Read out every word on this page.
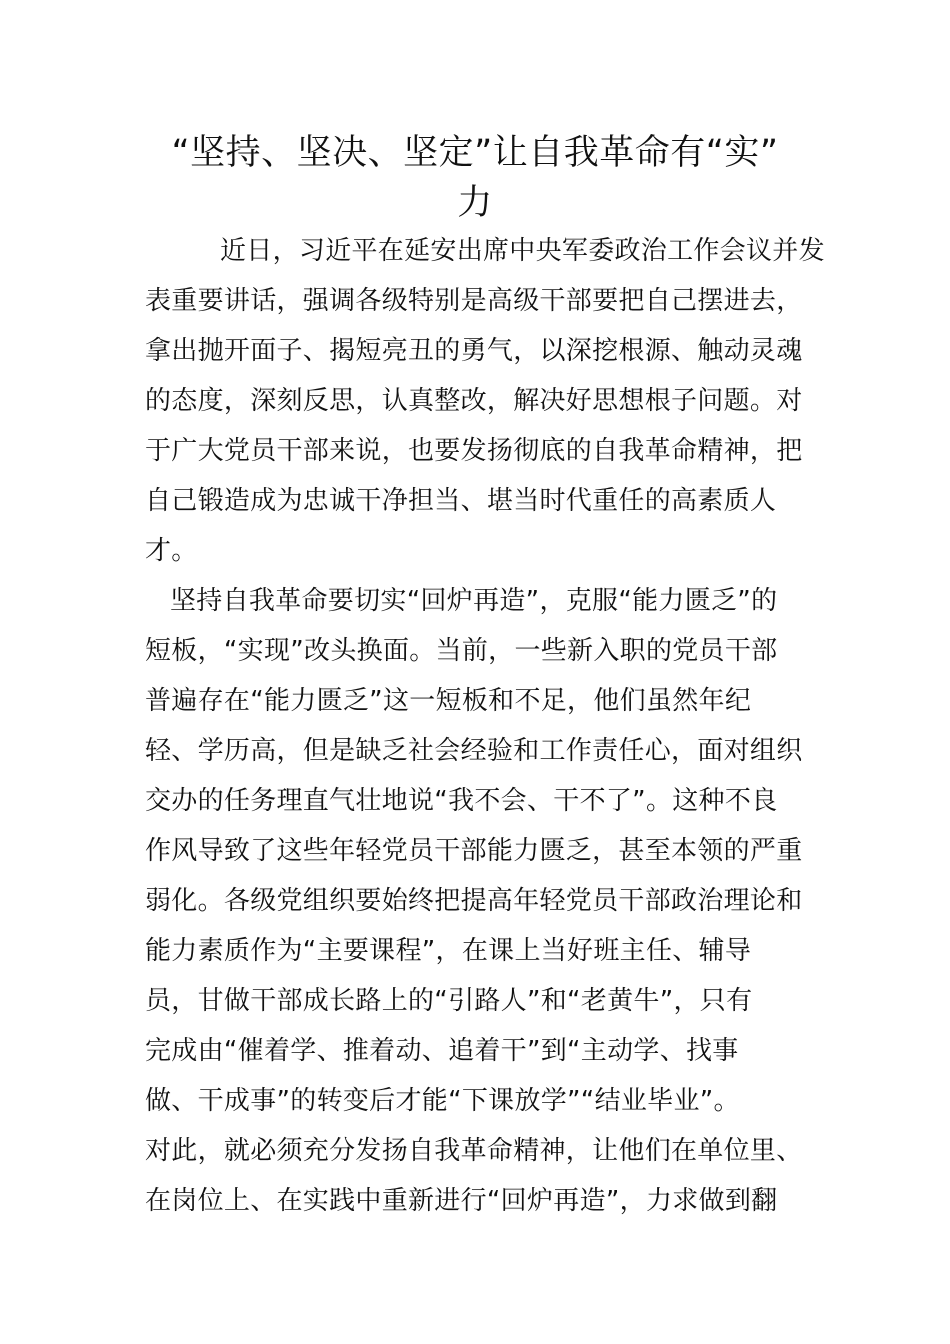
“坚持、坚决、坚定”让自我革命有“实”
力
近日，习近平在延安出席中央军委政治工作会议并发
表重要讲话，强调各级特别是高级干部要把自己摆进去，
拿出抛开面子、揭短亮丑的勇气，以深挖根源、触动灵魂
的态度，深刻反思，认真整改，解决好思想根子问题。对
于广大党员干部来说，也要发扬彻底的自我革命精神，把
自己锻造成为忠诚干净担当、堪当时代重任的高素质人
才。
坚持自我革命要切实“回炉再造”，克服“能力匮乏”的
短板，“实现”改头换面。当前，一些新入职的党员干部
普遍存在“能力匮乏”这一短板和不足，他们虽然年纪
轻、学历高，但是缺乏社会经验和工作责任心，面对组织
交办的任务理直气壮地说“我不会、干不了”。这种不良
作风导致了这些年轻党员干部能力匮乏，甚至本领的严重
弱化。各级党组织要始终把提高年轻党员干部政治理论和
能力素质作为“主要课程”，在课上当好班主任、辅导
员，甘做干部成长路上的“引路人”和“老黄牛”，只有
完成由“催着学、推着动、追着干”到“主动学、找事
做、干成事”的转变后才能“下课放学”“结业毕业”。
对此，就必须充分发扬自我革命精神，让他们在单位里、
在岗位上、在实践中重新进行“回炉再造”，力求做到翻
